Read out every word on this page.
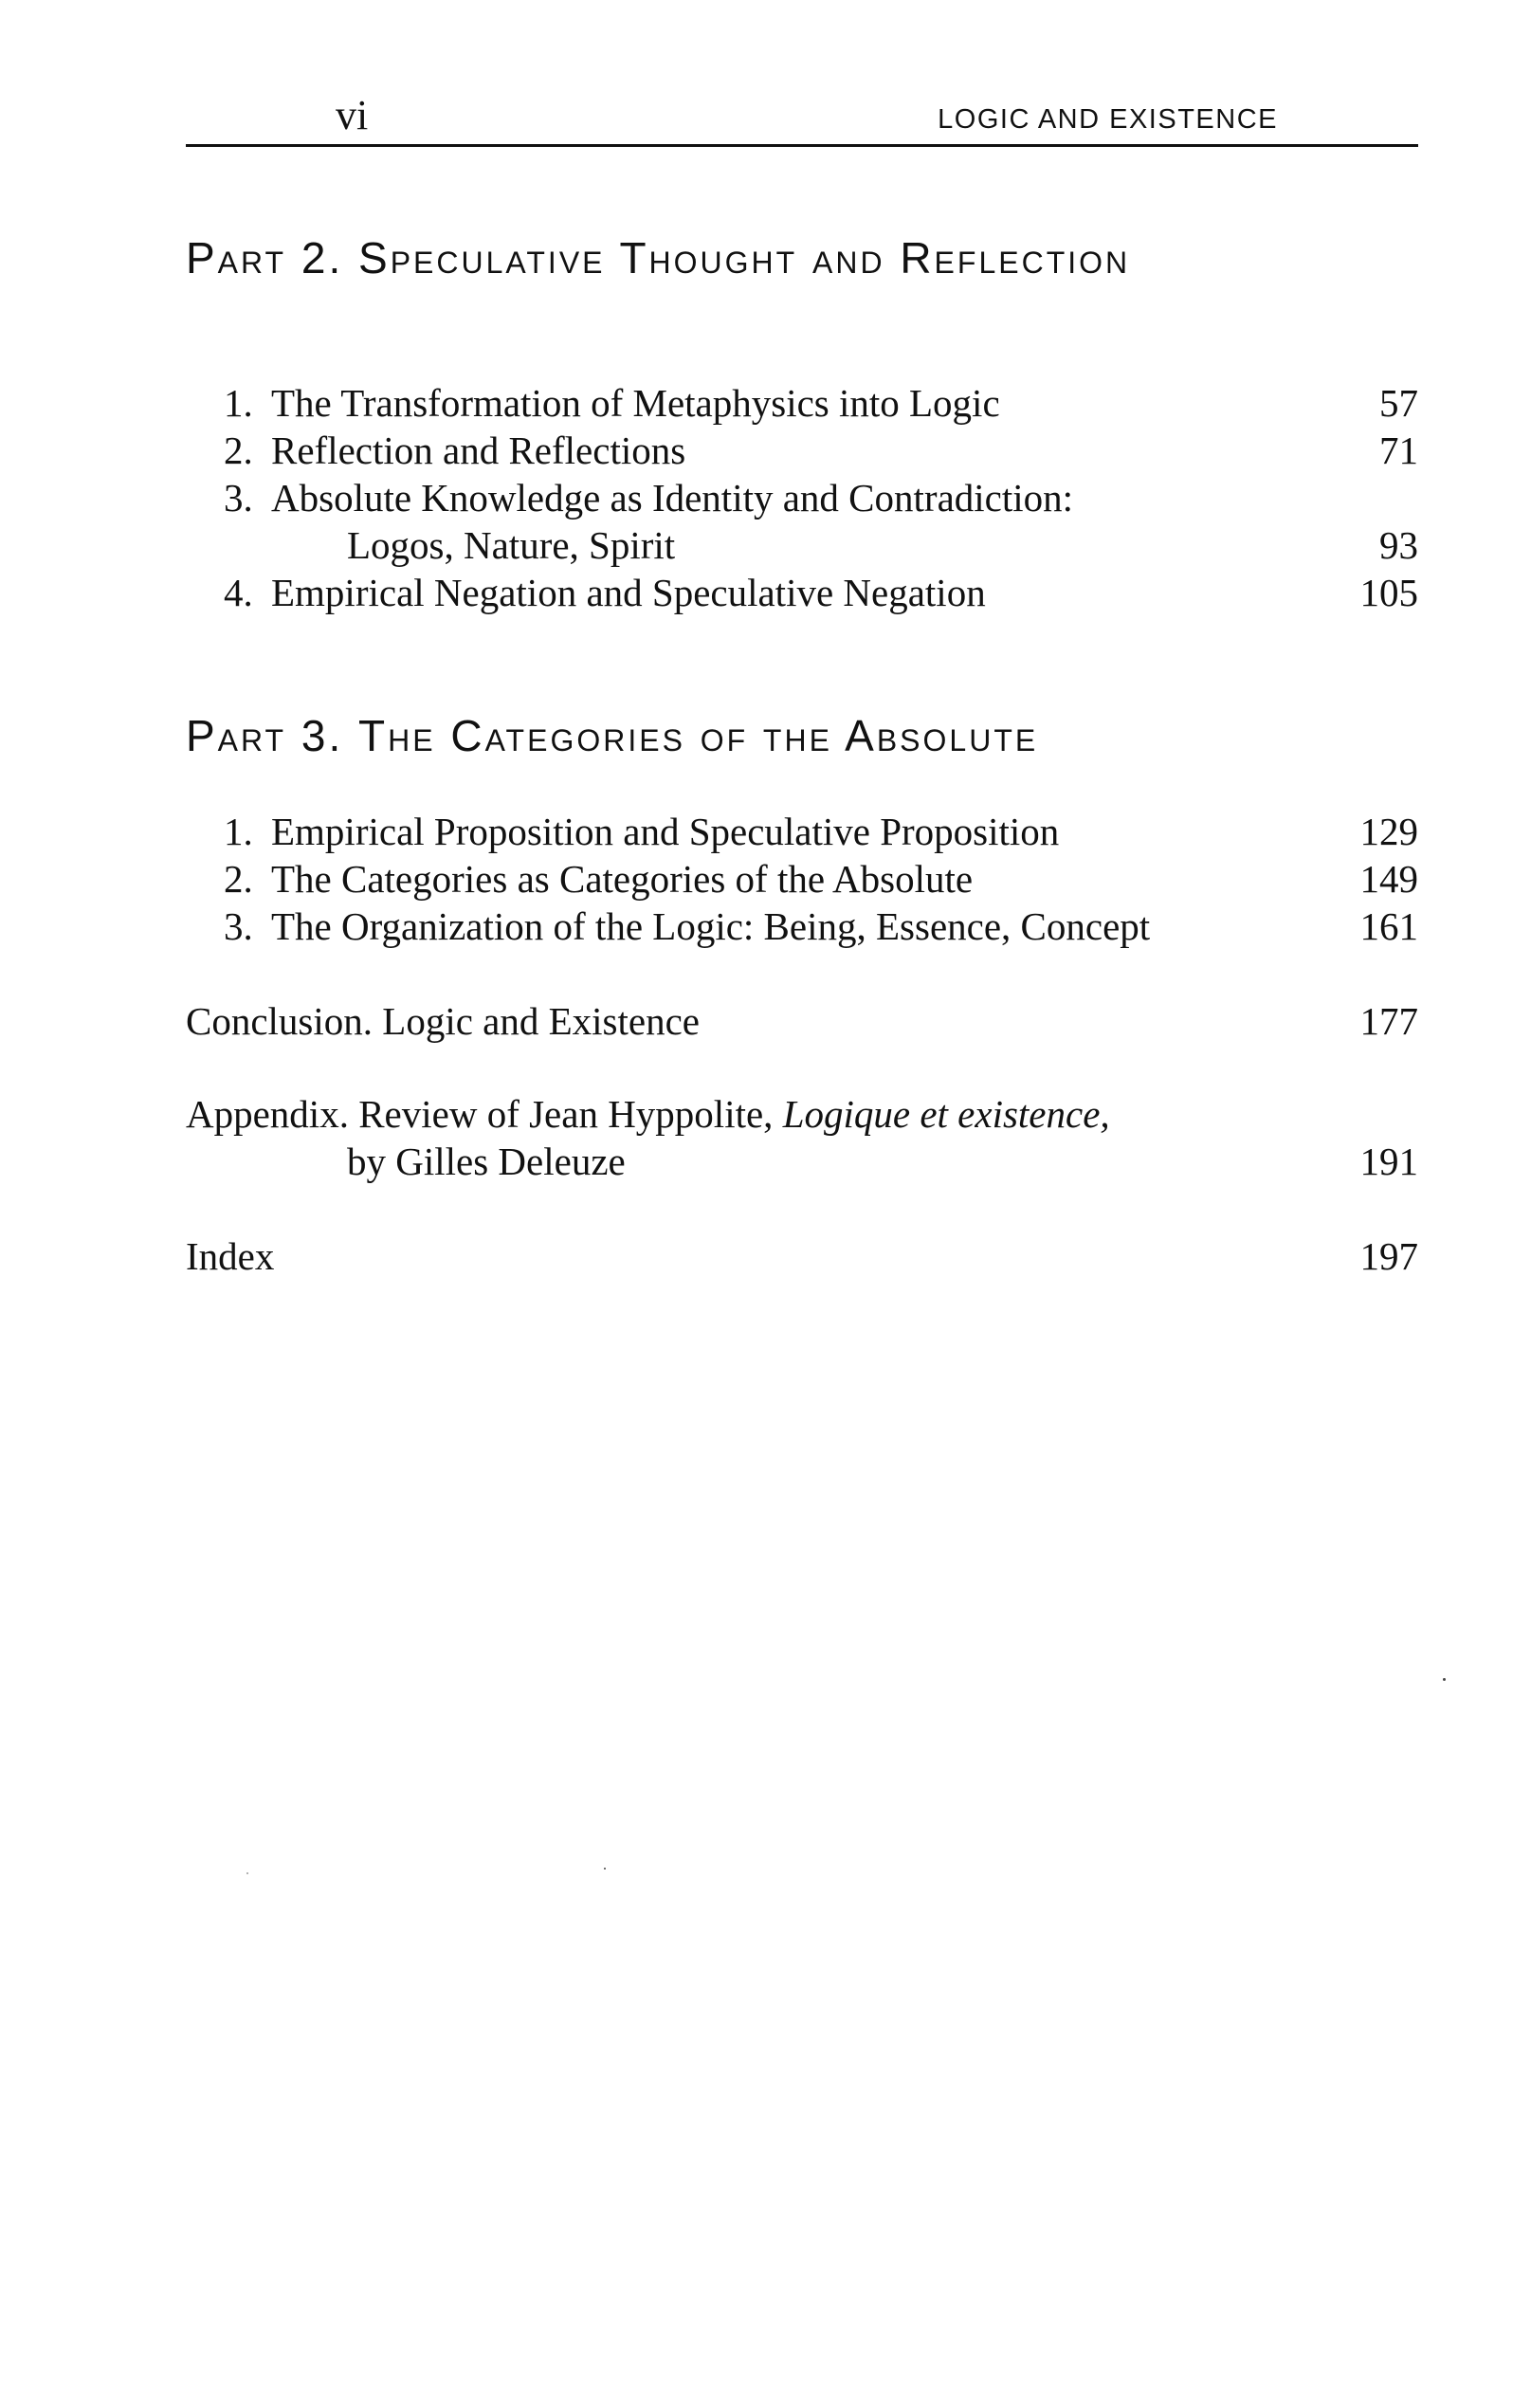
vi	LOGIC AND EXISTENCE
Part 2. Speculative Thought and Reflection
1. The Transformation of Metaphysics into Logic	57
2. Reflection and Reflections	71
3. Absolute Knowledge as Identity and Contradiction:
Logos, Nature, Spirit	93
4. Empirical Negation and Speculative Negation	105
Part 3. The Categories of the Absolute
1. Empirical Proposition and Speculative Proposition	129
2. The Categories as Categories of the Absolute	149
3. The Organization of the Logic: Being, Essence, Concept	161
Conclusion. Logic and Existence	177
Appendix. Review of Jean Hyppolite, Logique et existence,
by Gilles Deleuze	191
Index	197
